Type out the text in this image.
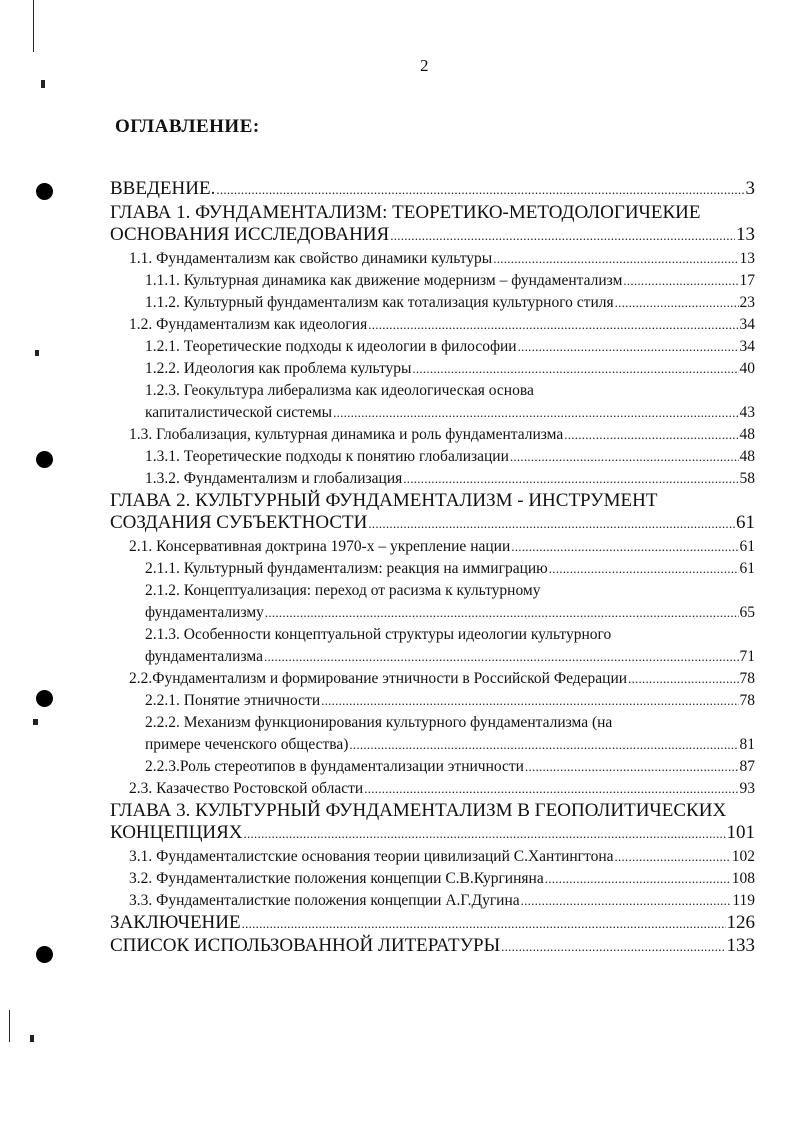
2
ОГЛАВЛЕНИЕ:
ВВЕДЕНИЕ. . . .	3
ГЛАВА 1. ФУНДАМЕНТАЛИЗМ: ТЕОРЕТИКО-МЕТОДОЛОГИЧЕКИЕ
ОСНОВАНИЯ ИССЛЕДОВАНИЯ . . .	13
1.1. Фундаментализм как свойство динамики культуры . . .	13
1.1.1. Культурная динамика как движение модернизм – фундаментализм . . .	17
1.1.2. Культурный фундаментализм как тотализация культурного стиля . . .	23
1.2. Фундаментализм как идеология . . .	34
1.2.1. Теоретические подходы к идеологии в философии . . .	34
1.2.2. Идеология как проблема культуры . . .	40
1.2.3. Геокультура либерализма как идеологическая основа
капиталистической системы . . .	43
1.3. Глобализация, культурная динамика и роль фундаментализма . . .	48
1.3.1. Теоретические подходы к понятию глобализации . . .	48
1.3.2. Фундаментализм и глобализация . . .	58
ГЛАВА 2. КУЛЬТУРНЫЙ ФУНДАМЕНТАЛИЗМ - ИНСТРУМЕНТ
СОЗДАНИЯ СУБЪЕКТНОСТИ . . .	61
2.1. Консервативная доктрина 1970-х – укрепление нации . . .	61
2.1.1. Культурный фундаментализм: реакция на иммиграцию . . .	61
2.1.2. Концептуализация: переход от расизма к культурному
фундаментализму . . .	65
2.1.3. Особенности концептуальной структуры идеологии культурного
фундаментализма . . .	71
2.2.Фундаментализм и формирование этничности в Российской Федерации . . .	78
2.2.1. Понятие этничности . . .	78
2.2.2. Механизм функционирования культурного фундаментализма (на
примере чеченского общества) . . .	81
2.2.3.Роль стереотипов в фундаментализации этничности . . .	87
2.3. Казачество Ростовской области . . .	93
ГЛАВА 3. КУЛЬТУРНЫЙ ФУНДАМЕНТАЛИЗМ В ГЕОПОЛИТИЧЕСКИХ
КОНЦЕПЦИЯХ . . .	101
3.1. Фундаменталистские основания теории цивилизаций С.Хантингтона . . .	102
3.2. Фундаменталисткие положения концепции С.В.Кургиняна . . .	108
3.3. Фундаменталисткие положения концепции А.Г.Дугина . . .	119
ЗАКЛЮЧЕНИЕ . . .	126
СПИСОК ИСПОЛЬЗОВАННОЙ ЛИТЕРАТУРЫ . . .	133
